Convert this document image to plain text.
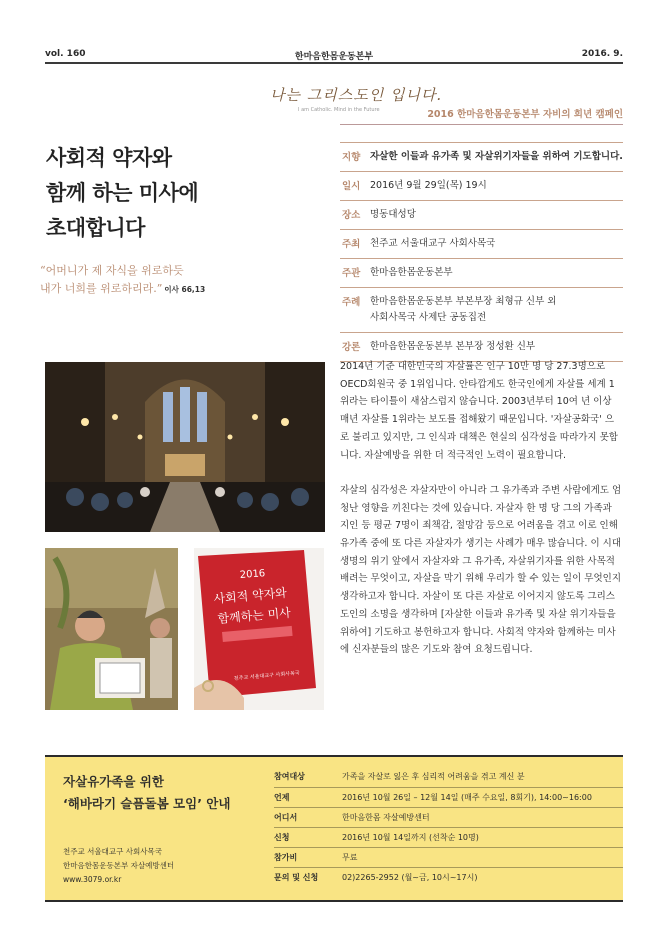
vol. 160	한마음한몸운동본부	2016. 9.
나는 그리스도인 입니다.
I am Catholic. Mind in the Future	2016 한마음한몸운동본부 자비의 희년 캠페인
사회적 약자와
함께 하는 미사에
초대합니다
“어머니가 제 자식을 위로하듯
내가 너희를 위로하리라.” 이사 66,13
지향	자살한 이들과 유가족 및 자살위기자들을 위하여 기도합니다.
일시	2016년 9월 29일(목) 19시
장소	명동대성당
주최	천주교 서울대교구 사회사목국
주관	한마음한몸운동본부
주례	한마음한몸운동본부 부본부장 최형규 신부 외
사회사목국 사제단 공동집전
강론	한마음한몸운동본부 본부장 정성환 신부
2016
사회적 약자와
함께하는 미사
천주교 서울대교구 사회사목국

2014년 기준 대한민국의 자살률은 인구 10만 명 당 27.3명으로 OECD회원국 중 1위입니다. 안타깝게도 한국인에게 자살를 세계 1위라는 타이틀이 새삼스럽지 않습니다. 2003년부터 10여 년 이상 매년 자살를 1위라는 보도를 접해왔기 때문입니다. '자살공화국' 으로 불리고 있지만, 그 인식과 대책은 현실의 심각성을 따라가지 못합니다. 자살예방을 위한 더 적극적인 노력이 필요합니다.

자살의 심각성은 자살자만이 아니라 그 유가족과 주변 사람에게도 엄청난 영향을 끼친다는 것에 있습니다. 자살자 한 명 당 그의 가족과 지인 등 평균 7명이 죄책감, 절망감 등으로 어려움을 겪고 이로 인해 유가족 중에 또 다른 자살자가 생기는 사례가 매우 많습니다. 이 시대 생명의 위기 앞에서 자살자와 그 유가족, 자살위기자를 위한 사목적 배려는 무엇이고, 자살을 막기 위해 우리가 할 수 있는 일이 무엇인지 생각하고자 합니다. 자살이 또 다른 자살로 이어지지 않도록 그리스도인의 소명을 생각하며 [자살한 이들과 유가족 및 자살 위기자들을 위하여] 기도하고 봉헌하고자 합니다. 사회적 약자와 함께하는 미사에 신자분들의 많은 기도와 참여 요청드립니다.

자살유가족을 위한
‘해바라기 슬픔돌봄 모임’ 안내
천주교 서울대교구 사회사목국
한마음한몸운동본부 자살예방센터
www.3079.or.kr
참여대상	가족을 자살로 잃은 후 심리적 어려움을 겪고 계신 분
언제	2016년 10월 26일 – 12월 14일 (매주 수요일, 8회기), 14:00~16:00
어디서	한마음한몸 자살예방센터
신청	2016년 10월 14일까지 (선착순 10명)
참가비	무료
문의 및 신청	02)2265-2952 (월~금, 10시~17시)
